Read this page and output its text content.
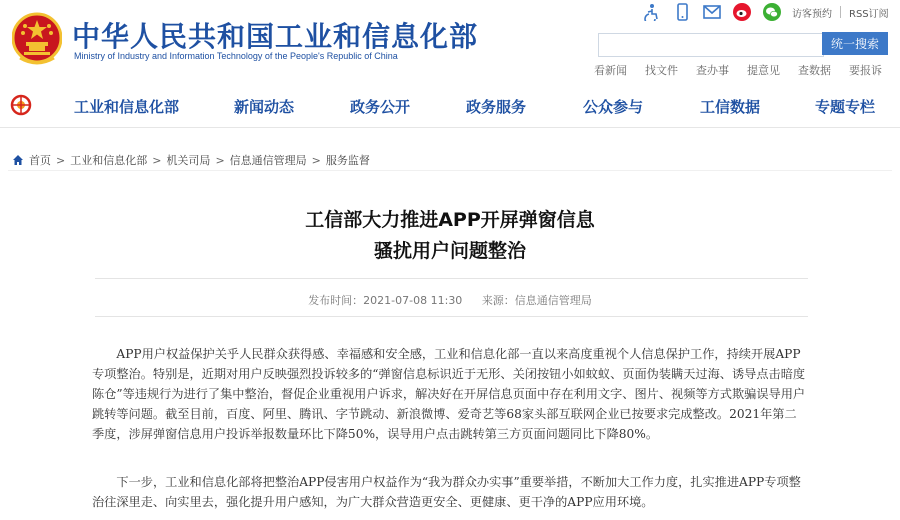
中华人民共和国工业和信息化部
Ministry of Industry and Information Technology of the People's Republic of China
访客预约 RSS订阅
统一搜索
看新闻 找文件 查办事 提意见 查数据 要报诉
工业和信息化部	新闻动态	政务公开	政务服务	公众参与	工信数据	专题专栏
首页 > 工业和信息化部 > 机关司局 > 信息通信管理局 > 服务监督
工信部大力推进APP开屏弹窗信息
骚扰用户问题整治
发布时间：2021-07-08 11:30 来源：信息通信管理局

APP用户权益保护关乎人民群众获得感、幸福感和安全感，工业和信息化部一直以来高度重视个人信息保护工作，持续开展APP专项整治。特别是，近期对用户反映强烈投诉较多的“弹窗信息标识近于无形、关闭按钮小如蚊蚁、页面伪装瞒天过海、诱导点击暗度陈仓”等违规行为进行了集中整治，督促企业重视用户诉求，解决好在开屏信息页面中存在利用文字、图片、视频等方式欺骗误导用户跳转等问题。截至目前，百度、阿里、腾讯、字节跳动、新浪微博、爱奇艺等68家头部互联网企业已按要求完成整改。2021年第二季度，涉屏弹窗信息用户投诉举报数量环比下降50%，误导用户点击跳转第三方页面问题同比下降80%。

下一步，工业和信息化部将把整治APP侵害用户权益作为“我为群众办实事”重要举措，不断加大工作力度，扎实推进APP专项整治往深里走、向实里去，强化提升用户感知，为广大群众营造更安全、更健康、更干净的APP应用环境。
